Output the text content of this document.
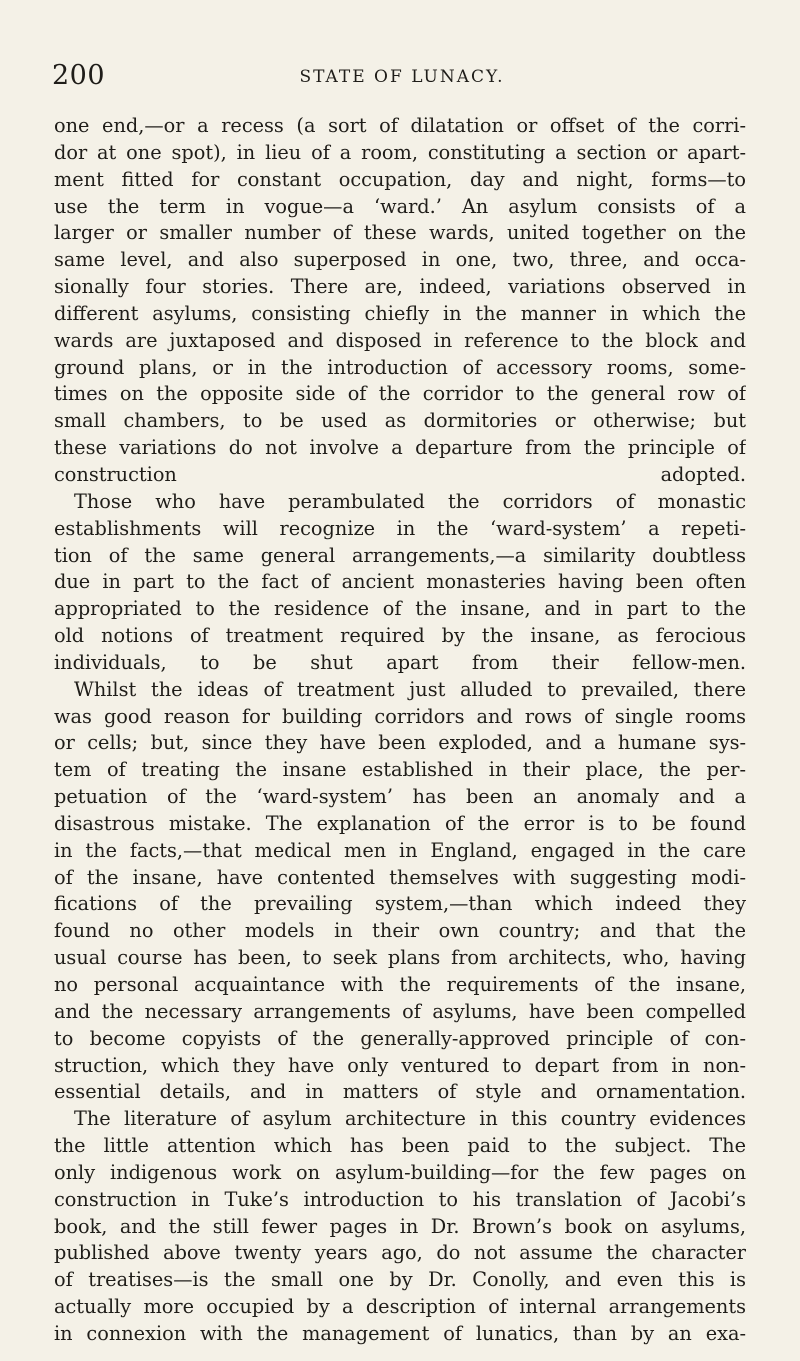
200	STATE OF LUNACY.
one end,—or a recess (a sort of dilatation or offset of the corri-
dor at one spot), in lieu of a room, constituting a section or apart-
ment fitted for constant occupation, day and night, forms—to
use the term in vogue—a ‘ward.’ An asylum consists of a
larger or smaller number of these wards, united together on the
same level, and also superposed in one, two, three, and occa-
sionally four stories. There are, indeed, variations observed in
different asylums, consisting chiefly in the manner in which the
wards are juxtaposed and disposed in reference to the block and
ground plans, or in the introduction of accessory rooms, some-
times on the opposite side of the corridor to the general row of
small chambers, to be used as dormitories or otherwise; but
these variations do not involve a departure from the principle of
construction adopted.
Those who have perambulated the corridors of monastic
establishments will recognize in the ‘ward-system’ a repeti-
tion of the same general arrangements,—a similarity doubtless
due in part to the fact of ancient monasteries having been often
appropriated to the residence of the insane, and in part to the
old notions of treatment required by the insane, as ferocious
individuals, to be shut apart from their fellow-men.
Whilst the ideas of treatment just alluded to prevailed, there
was good reason for building corridors and rows of single rooms
or cells; but, since they have been exploded, and a humane sys-
tem of treating the insane established in their place, the per-
petuation of the ‘ward-system’ has been an anomaly and a
disastrous mistake. The explanation of the error is to be found
in the facts,—that medical men in England, engaged in the care
of the insane, have contented themselves with suggesting modi-
fications of the prevailing system,—than which indeed they
found no other models in their own country; and that the
usual course has been, to seek plans from architects, who, having
no personal acquaintance with the requirements of the insane,
and the necessary arrangements of asylums, have been compelled
to become copyists of the generally-approved principle of con-
struction, which they have only ventured to depart from in non-
essential details, and in matters of style and ornamentation.
The literature of asylum architecture in this country evidences
the little attention which has been paid to the subject. The
only indigenous work on asylum-building—for the few pages on
construction in Tuke’s introduction to his translation of Jacobi’s
book, and the still fewer pages in Dr. Brown’s book on asylums,
published above twenty years ago, do not assume the character
of treatises—is the small one by Dr. Conolly, and even this is
actually more occupied by a description of internal arrangements
in connexion with the management of lunatics, than by an exa-
